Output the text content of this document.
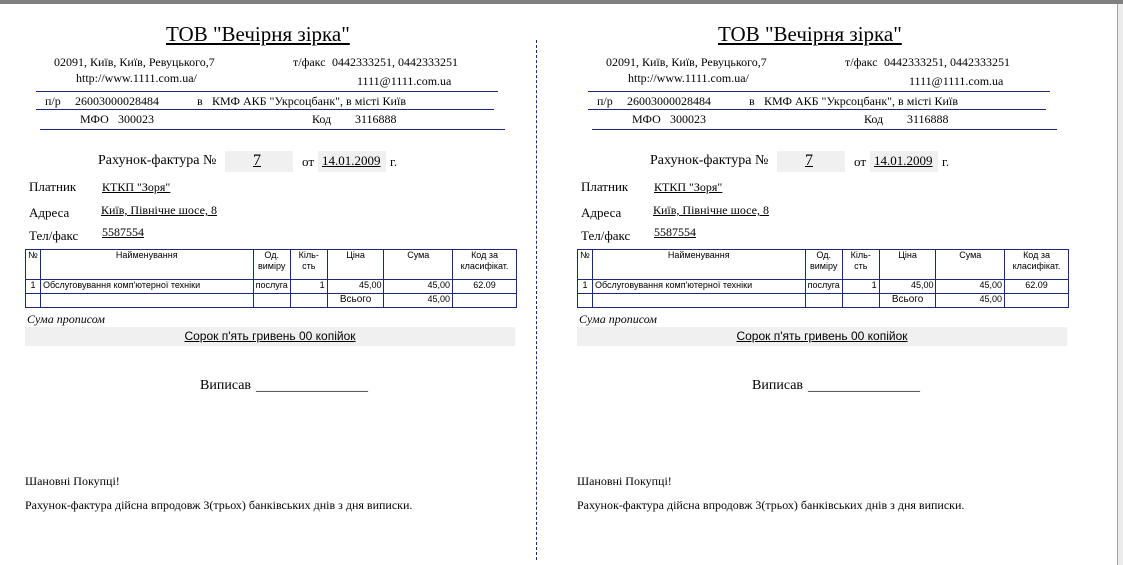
ТОВ "Вечірня зірка"
02091, Київ, Київ, Ревуцького,7	т/факс 0442333251, 0442333251
http://www.1111.com.ua/	1111@1111.com.ua
п/р 26003000028484	в КМФ АКБ "Укрсоцбанк", в місті Київ
МФО 300023	Код 3116888
Рахунок-фактура № 7	от 14.01.2009 г.
Платник КТКП "Зоря"
Адреса	Київ, Північне шосе, 8
Тел/факс 5587554
№	Найменування	Од. виміру	Кіль-сть	Ціна	Сума	Код за класифікат.
1	Обслуговування комп'ютерної техніки	послуга	1	45,00	45,00	62.09
				Всього	45,00	
Сума прописом
Сорок п'ять гривень 00 копійок
Виписав ________________
Шановні Покупці!
Рахунок-фактура дійсна впродовж 3(трьох) банківських днів з дня виписки.
ТОВ "Вечірня зірка"
02091, Київ, Київ, Ревуцького,7	т/факс 0442333251, 0442333251
http://www.1111.com.ua/	1111@1111.com.ua
п/р 26003000028484	в КМФ АКБ "Укрсоцбанк", в місті Київ
МФО 300023	Код 3116888
Рахунок-фактура № 7	от 14.01.2009 г.
Платник КТКП "Зоря"
Адреса	Київ, Північне шосе, 8
Тел/факс 5587554
№	Найменування	Од. виміру	Кіль-сть	Ціна	Сума	Код за класифікат.
1	Обслуговування комп'ютерної техніки	послуга	1	45,00	45,00	62.09
				Всього	45,00	
Сума прописом
Сорок п'ять гривень 00 копійок
Виписав ________________
Шановні Покупці!
Рахунок-фактура дійсна впродовж 3(трьох) банківських днів з дня виписки.
